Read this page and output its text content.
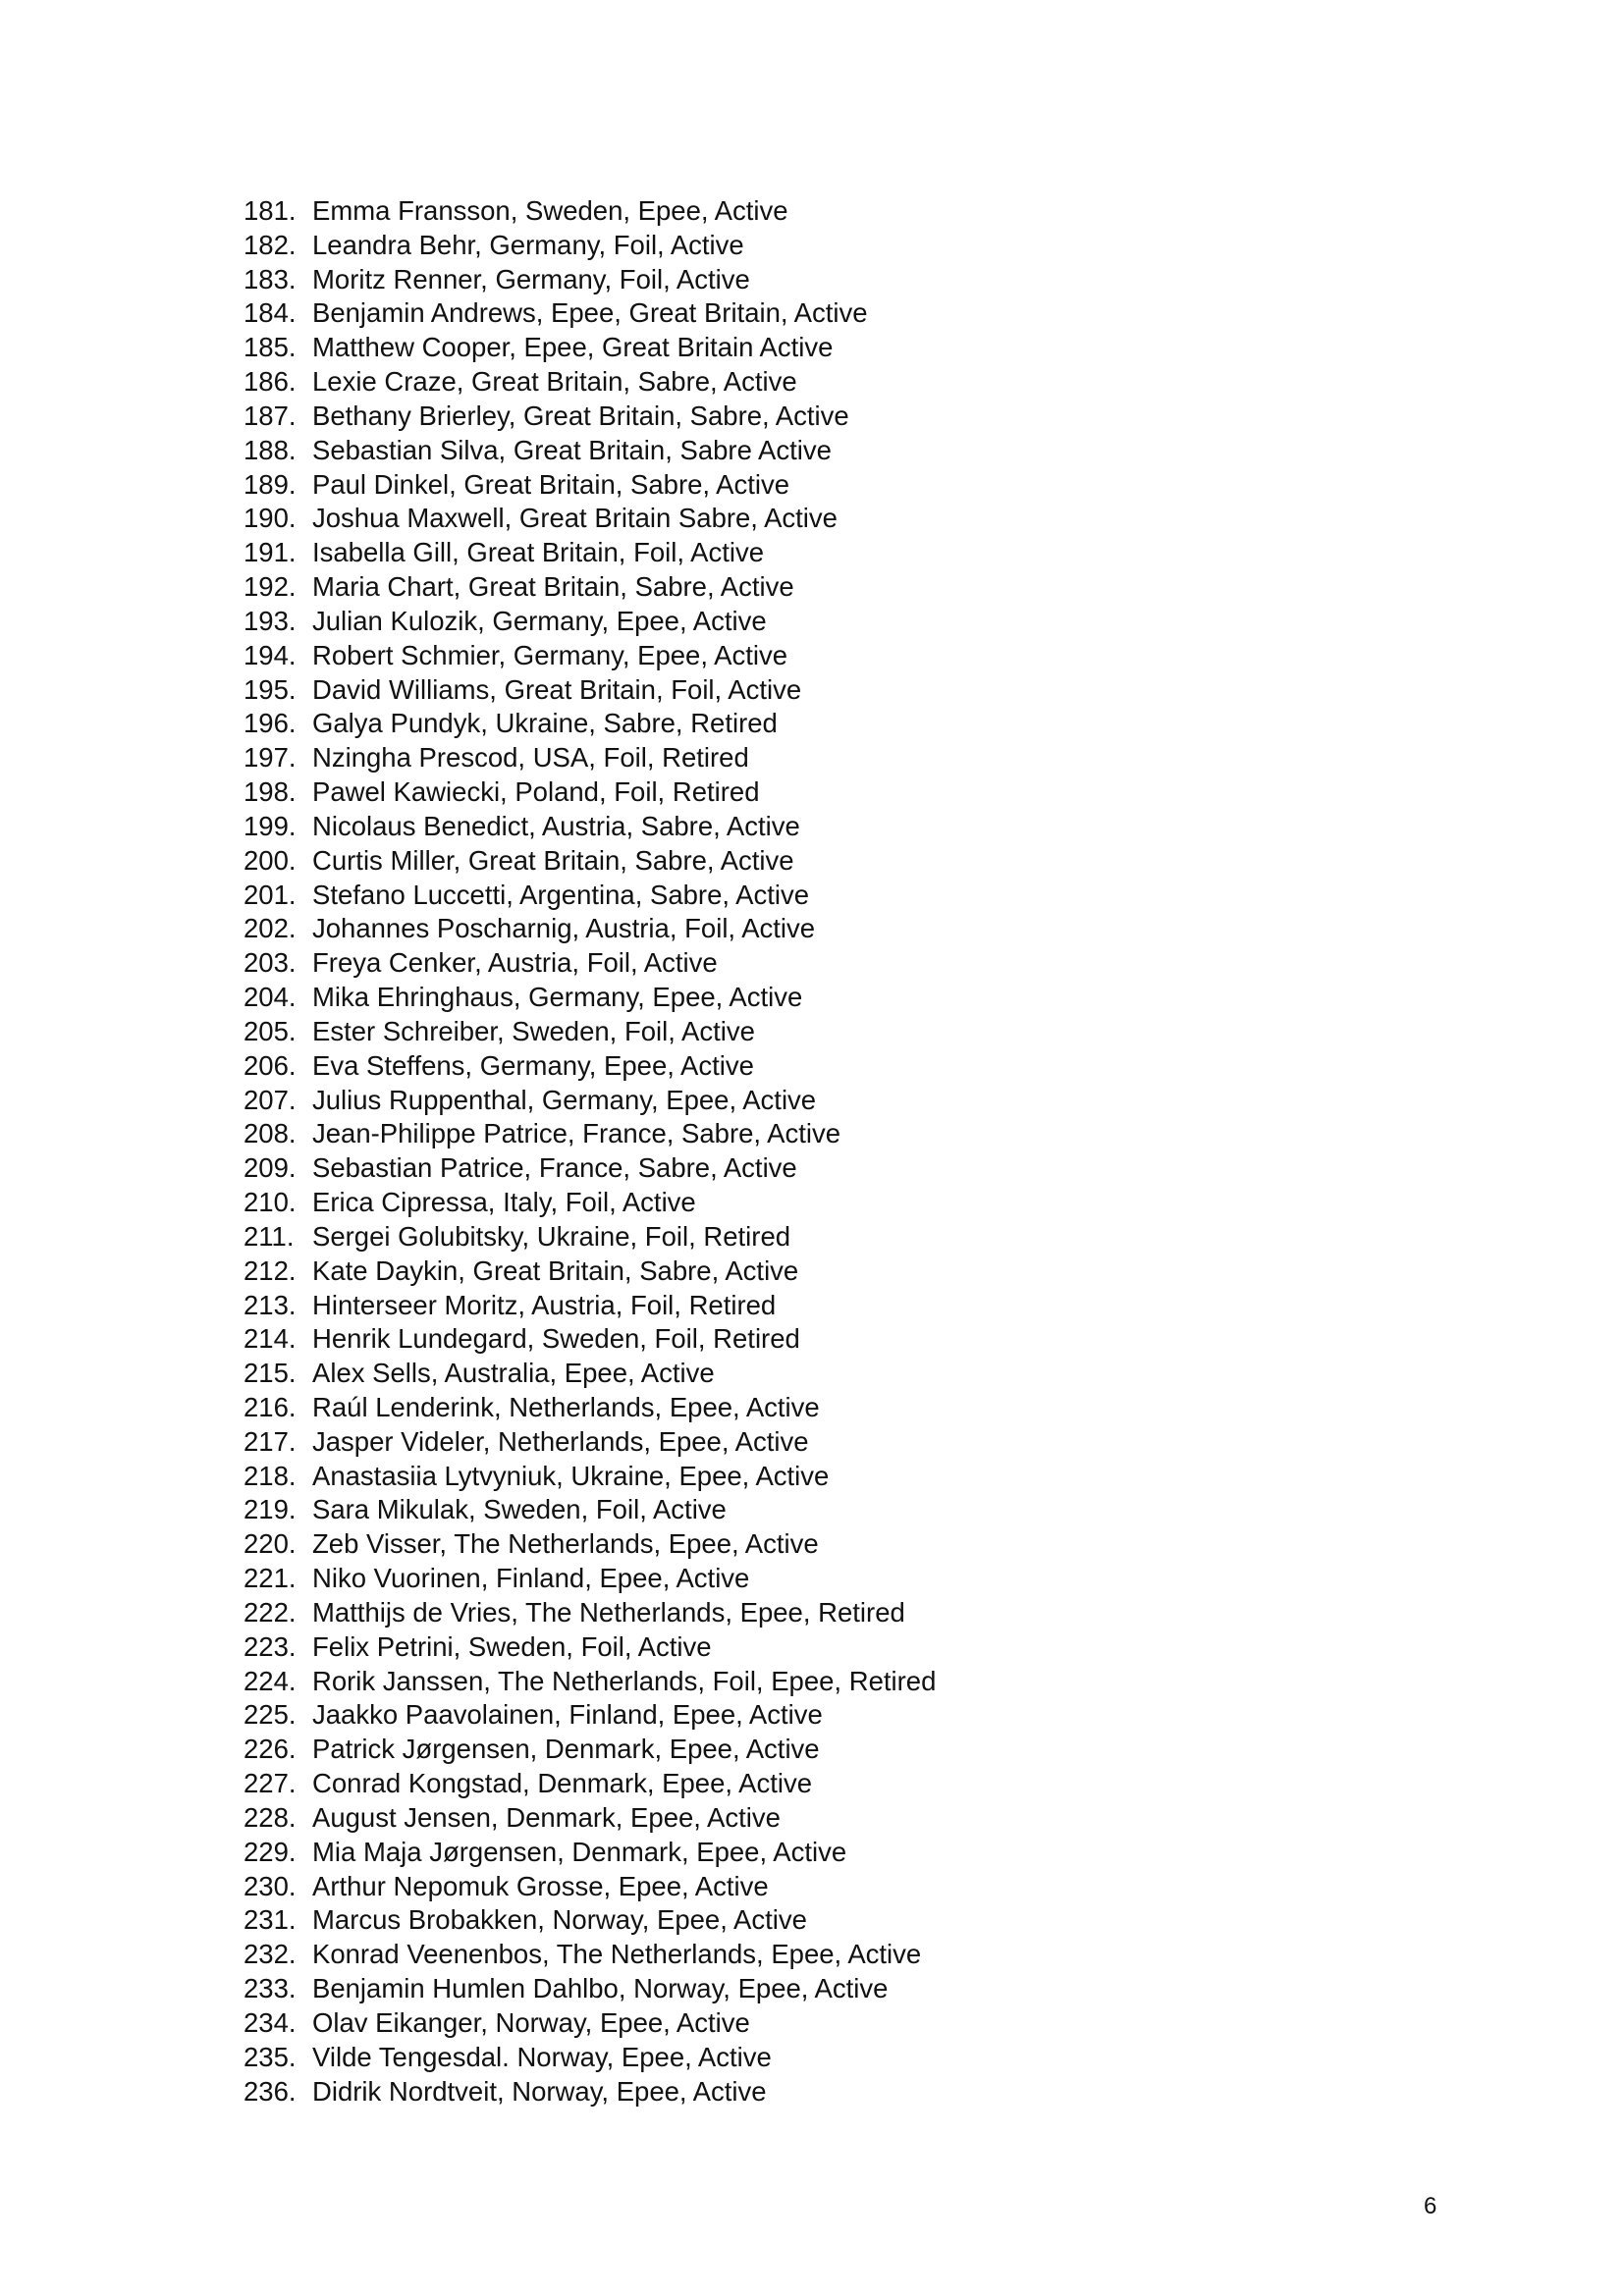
181. Emma Fransson, Sweden, Epee, Active
182. Leandra Behr, Germany, Foil, Active
183. Moritz Renner, Germany, Foil, Active
184. Benjamin Andrews, Epee, Great Britain, Active
185. Matthew Cooper, Epee, Great Britain Active
186. Lexie Craze, Great Britain, Sabre, Active
187. Bethany Brierley, Great Britain, Sabre, Active
188. Sebastian Silva, Great Britain, Sabre Active
189. Paul Dinkel, Great Britain, Sabre, Active
190. Joshua Maxwell, Great Britain Sabre, Active
191. Isabella Gill, Great Britain, Foil, Active
192. Maria Chart, Great Britain, Sabre, Active
193. Julian Kulozik, Germany, Epee, Active
194. Robert Schmier, Germany, Epee, Active
195. David Williams, Great Britain, Foil, Active
196. Galya Pundyk, Ukraine, Sabre, Retired
197. Nzingha Prescod, USA, Foil, Retired
198. Pawel Kawiecki, Poland, Foil, Retired
199. Nicolaus Benedict, Austria, Sabre, Active
200. Curtis Miller, Great Britain, Sabre, Active
201. Stefano Luccetti, Argentina, Sabre, Active
202. Johannes Poscharnig, Austria, Foil, Active
203. Freya Cenker, Austria, Foil, Active
204. Mika Ehringhaus, Germany, Epee, Active
205. Ester Schreiber, Sweden, Foil, Active
206. Eva Steffens, Germany, Epee, Active
207. Julius Ruppenthal, Germany, Epee, Active
208. Jean-Philippe Patrice, France, Sabre, Active
209. Sebastian Patrice, France, Sabre, Active
210. Erica Cipressa, Italy, Foil, Active
211. Sergei Golubitsky, Ukraine, Foil, Retired
212. Kate Daykin, Great Britain, Sabre, Active
213. Hinterseer Moritz, Austria, Foil, Retired
214. Henrik Lundegard, Sweden, Foil, Retired
215. Alex Sells, Australia, Epee, Active
216. Raúl Lenderink, Netherlands, Epee, Active
217. Jasper Videler, Netherlands, Epee, Active
218. Anastasiia Lytvyniuk, Ukraine, Epee, Active
219. Sara Mikulak, Sweden, Foil, Active
220. Zeb Visser, The Netherlands, Epee, Active
221. Niko Vuorinen, Finland, Epee, Active
222. Matthijs de Vries, The Netherlands, Epee, Retired
223. Felix Petrini, Sweden, Foil, Active
224. Rorik Janssen, The Netherlands, Foil, Epee, Retired
225. Jaakko Paavolainen, Finland, Epee, Active
226. Patrick Jørgensen, Denmark, Epee, Active
227. Conrad Kongstad, Denmark, Epee, Active
228. August Jensen, Denmark, Epee, Active
229. Mia Maja Jørgensen, Denmark, Epee, Active
230. Arthur Nepomuk Grosse, Epee, Active
231. Marcus Brobakken, Norway, Epee, Active
232. Konrad Veenenbos, The Netherlands, Epee, Active
233. Benjamin Humlen Dahlbo, Norway, Epee, Active
234. Olav Eikanger, Norway, Epee, Active
235. Vilde Tengesdal. Norway, Epee, Active
236. Didrik Nordtveit, Norway, Epee, Active
6
